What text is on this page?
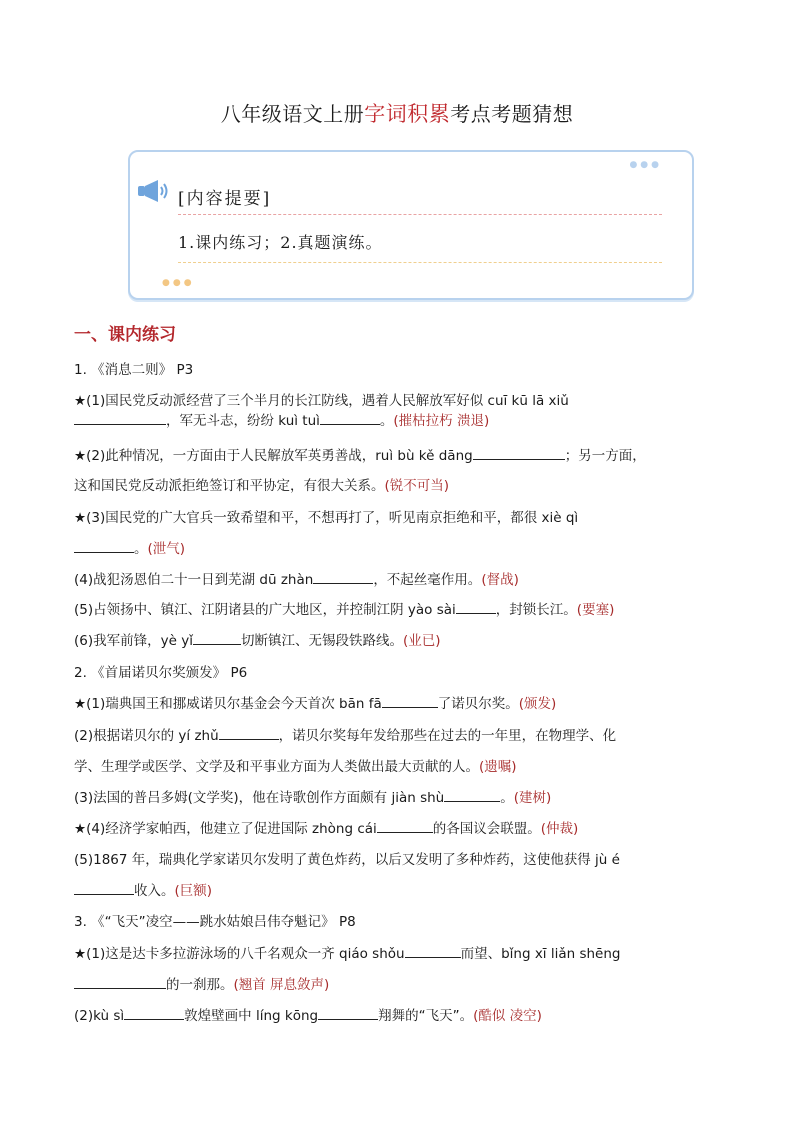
八年级语文上册字词积累考点考题猜想
●●●
[内容提要]
1.课内练习；2.真题演练。
●●●
一、课内练习
1. 《消息二则》 P3
★(1)国民党反动派经营了三个半月的长江防线，遇着人民解放军好似 cuī kū lā xiǔ
，军无斗志，纷纷 kuì tuì	。(摧枯拉朽 溃退)
★(2)此种情况，一方面由于人民解放军英勇善战，ruì bù kě dāng	；另一方面，
这和国民党反动派拒绝签订和平协定，有很大关系。(锐不可当)
★(3)国民党的广大官兵一致希望和平，不想再打了，听见南京拒绝和平，都很 xiè qì
。(泄气)
(4)战犯汤恩伯二十一日到芜湖 dū zhàn	，不起丝毫作用。(督战)
(5)占领扬中、镇江、江阴诸县的广大地区，并控制江阴 yào sài	，封锁长江。(要塞)
(6)我军前锋，yè yǐ	切断镇江、无锡段铁路线。(业已)
2. 《首届诺贝尔奖颁发》 P6
★(1)瑞典国王和挪威诺贝尔基金会今天首次 bān fā	了诺贝尔奖。(颁发)
(2)根据诺贝尔的 yí zhǔ	，诺贝尔奖每年发给那些在过去的一年里，在物理学、化
学、生理学或医学、文学及和平事业方面为人类做出最大贡献的人。(遗嘱)
(3)法国的普吕多姆(文学奖)，他在诗歌创作方面颇有 jiàn shù	。(建树)
★(4)经济学家帕西，他建立了促进国际 zhòng cái	的各国议会联盟。(仲裁)
(5)1867 年，瑞典化学家诺贝尔发明了黄色炸药，以后又发明了多种炸药，这使他获得 jù é
收入。(巨额)
3. 《“飞天”凌空——跳水姑娘吕伟夺魁记》 P8
★(1)这是达卡多拉游泳场的八千名观众一齐 qiáo shǒu	而望、bǐng xī liǎn shēng
的一刹那。(翘首 屏息敛声)
(2)kù sì	敦煌壁画中 líng kōng	翔舞的“飞天”。(酷似 凌空)
